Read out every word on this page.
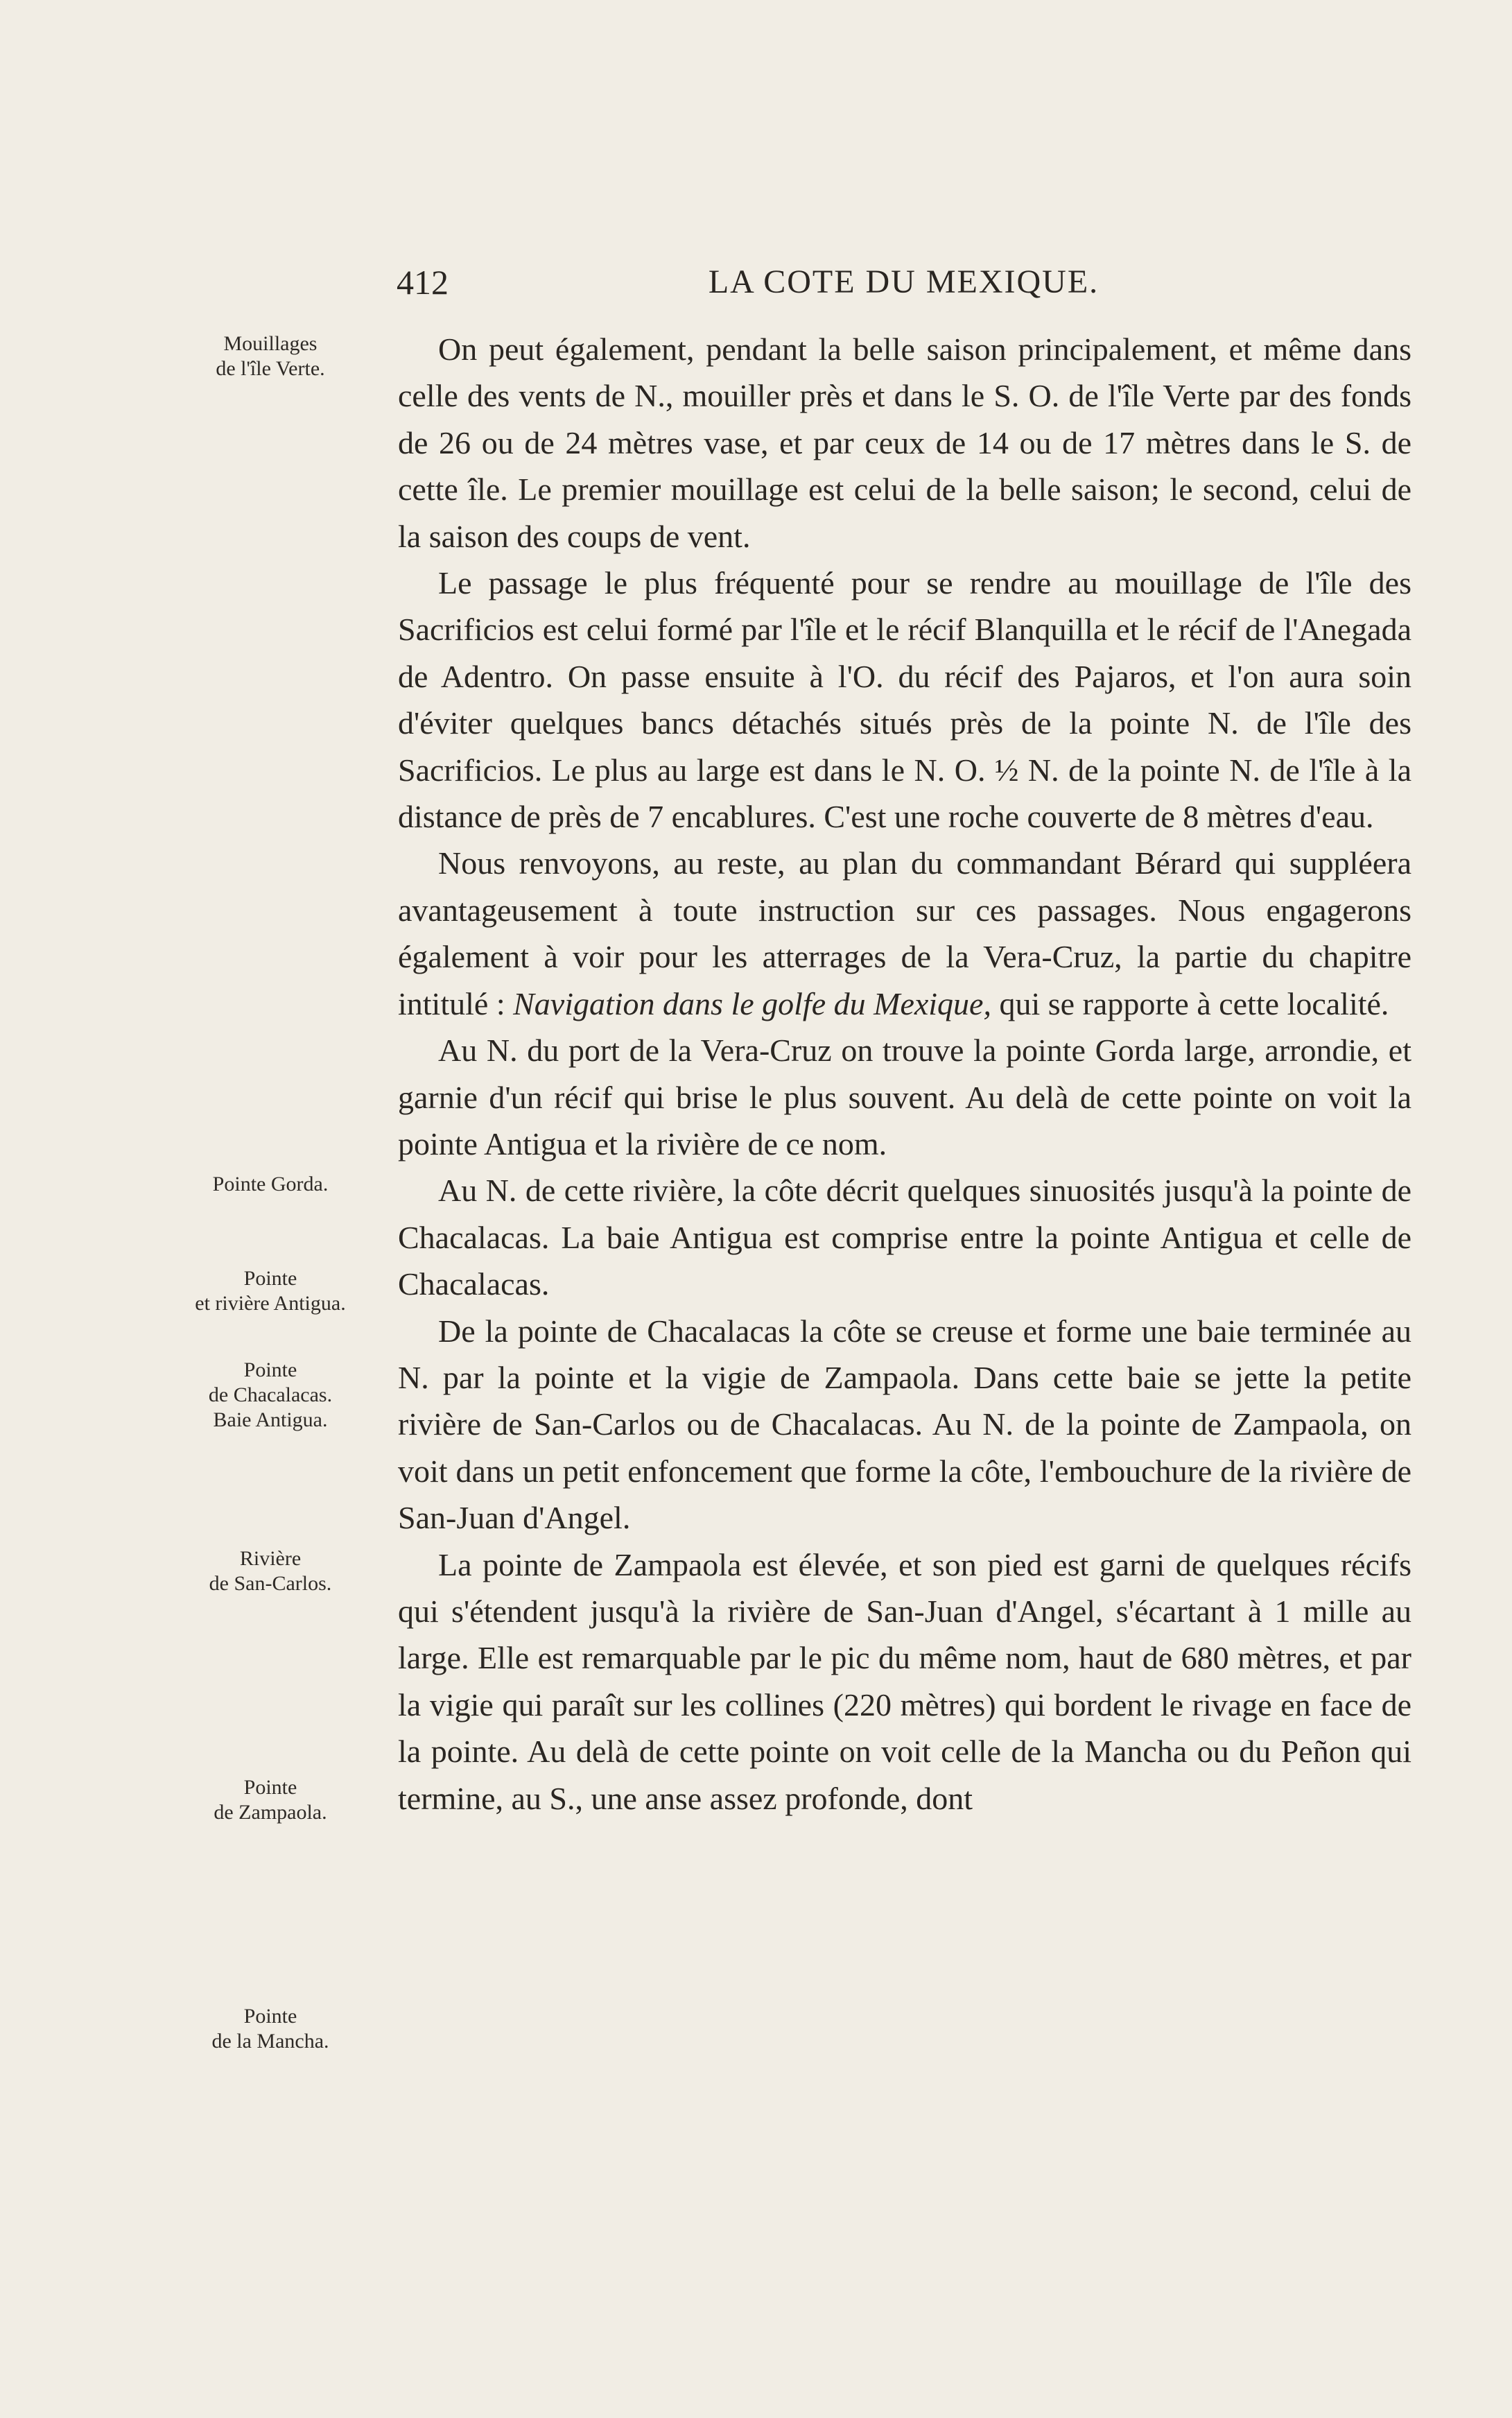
412	LA COTE DU MEXIQUE.
Mouillages
de l'île Verte.
Pointe Gorda.
Pointe
et rivière Antigua.
Pointe
de Chacalacas.
Baie Antigua.
Rivière
de San-Carlos.
Pointe
de Zampaola.
Pointe
de la Mancha.

On peut également, pendant la belle saison principalement, et même dans celle des vents de N., mouiller près et dans le S. O. de l'île Verte par des fonds de 26 ou de 24 mètres vase, et par ceux de 14 ou de 17 mètres dans le S. de cette île. Le premier mouillage est celui de la belle saison; le second, celui de la saison des coups de vent.

Le passage le plus fréquenté pour se rendre au mouillage de l'île des Sacrificios est celui formé par l'île et le récif Blanquilla et le récif de l'Anegada de Adentro. On passe ensuite à l'O. du récif des Pajaros, et l'on aura soin d'éviter quelques bancs détachés situés près de la pointe N. de l'île des Sacrificios. Le plus au large est dans le N. O. ½ N. de la pointe N. de l'île à la distance de près de 7 encablures. C'est une roche couverte de 8 mètres d'eau.

Nous renvoyons, au reste, au plan du commandant Bérard qui suppléera avantageusement à toute instruction sur ces passages. Nous engagerons également à voir pour les atterrages de la Vera-Cruz, la partie du chapitre intitulé : Navigation dans le golfe du Mexique, qui se rapporte à cette localité.

Au N. du port de la Vera-Cruz on trouve la pointe Gorda large, arrondie, et garnie d'un récif qui brise le plus souvent. Au delà de cette pointe on voit la pointe Antigua et la rivière de ce nom.

Au N. de cette rivière, la côte décrit quelques sinuosités jusqu'à la pointe de Chacalacas. La baie Antigua est comprise entre la pointe Antigua et celle de Chacalacas.

De la pointe de Chacalacas la côte se creuse et forme une baie terminée au N. par la pointe et la vigie de Zampaola. Dans cette baie se jette la petite rivière de San-Carlos ou de Chacalacas. Au N. de la pointe de Zampaola, on voit dans un petit enfoncement que forme la côte, l'embouchure de la rivière de San-Juan d'Angel.

La pointe de Zampaola est élevée, et son pied est garni de quelques récifs qui s'étendent jusqu'à la rivière de San-Juan d'Angel, s'écartant à 1 mille au large. Elle est remarquable par le pic du même nom, haut de 680 mètres, et par la vigie qui paraît sur les collines (220 mètres) qui bordent le rivage en face de la pointe. Au delà de cette pointe on voit celle de la Mancha ou du Peñon qui termine, au S., une anse assez profonde, dont
